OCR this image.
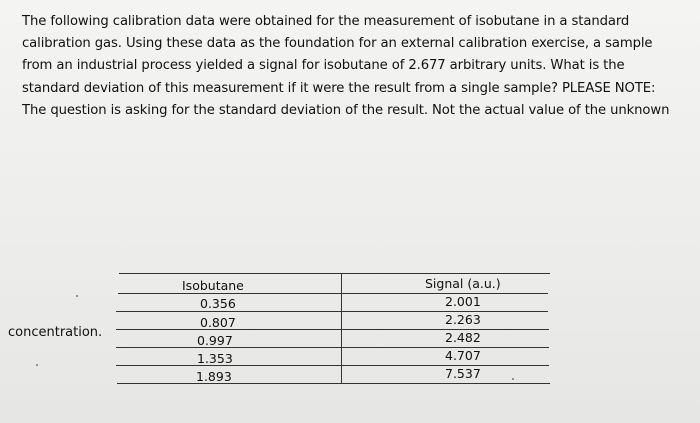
The following calibration data were obtained for the measurement of isobutane in a standard

calibration gas. Using these data as the foundation for an external calibration exercise, a sample

from an industrial process yielded a signal for isobutane of 2.677 arbitrary units. What is the

standard deviation of this measurement if it were the result from a single sample? PLEASE NOTE:

The question is asking for the standard deviation of the result. Not the actual value of the unknown

concentration.
Isobutane	Signal (a.u.)
0.356	2.001
0.807	2.263
0.997	2.482
1.353	4.707
1.893	7.537
